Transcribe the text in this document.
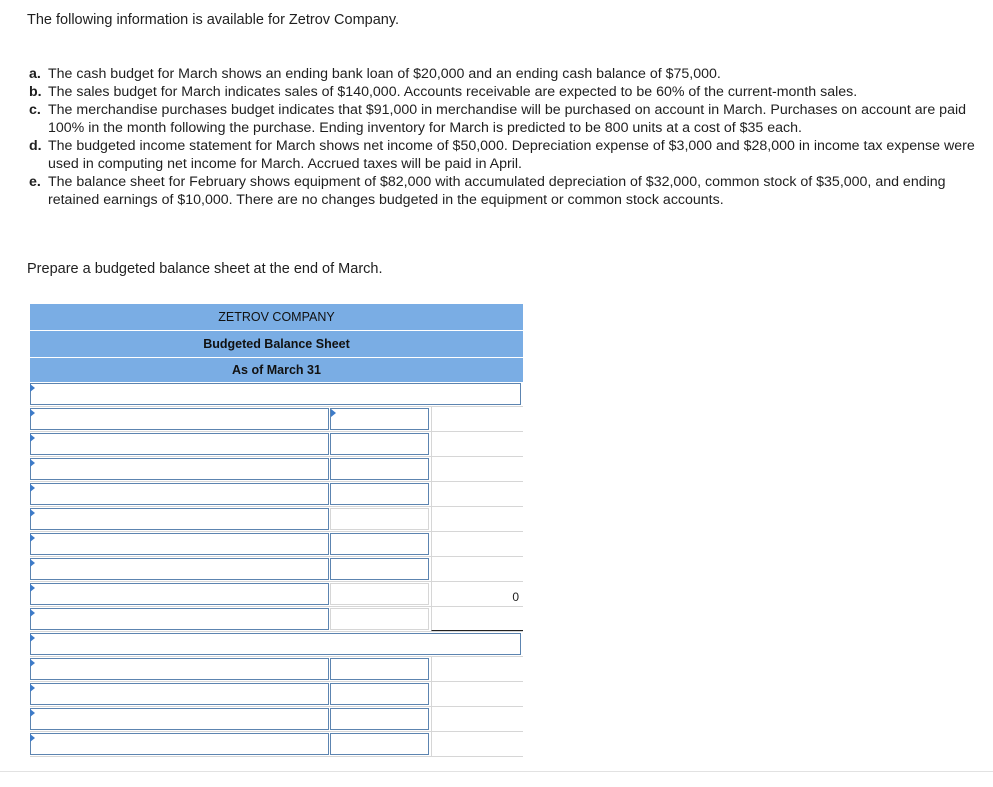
The following information is available for Zetrov Company.
a. The cash budget for March shows an ending bank loan of $20,000 and an ending cash balance of $75,000.
b. The sales budget for March indicates sales of $140,000. Accounts receivable are expected to be 60% of the current-month sales.
c. The merchandise purchases budget indicates that $91,000 in merchandise will be purchased on account in March. Purchases on account are paid 100% in the month following the purchase. Ending inventory for March is predicted to be 800 units at a cost of $35 each.
d. The budgeted income statement for March shows net income of $50,000. Depreciation expense of $3,000 and $28,000 in income tax expense were used in computing net income for March. Accrued taxes will be paid in April.
e. The balance sheet for February shows equipment of $82,000 with accumulated depreciation of $32,000, common stock of $35,000, and ending retained earnings of $10,000. There are no changes budgeted in the equipment or common stock accounts.
Prepare a budgeted balance sheet at the end of March.
ZETROV COMPANY
Budgeted Balance Sheet
As of March 31
0
